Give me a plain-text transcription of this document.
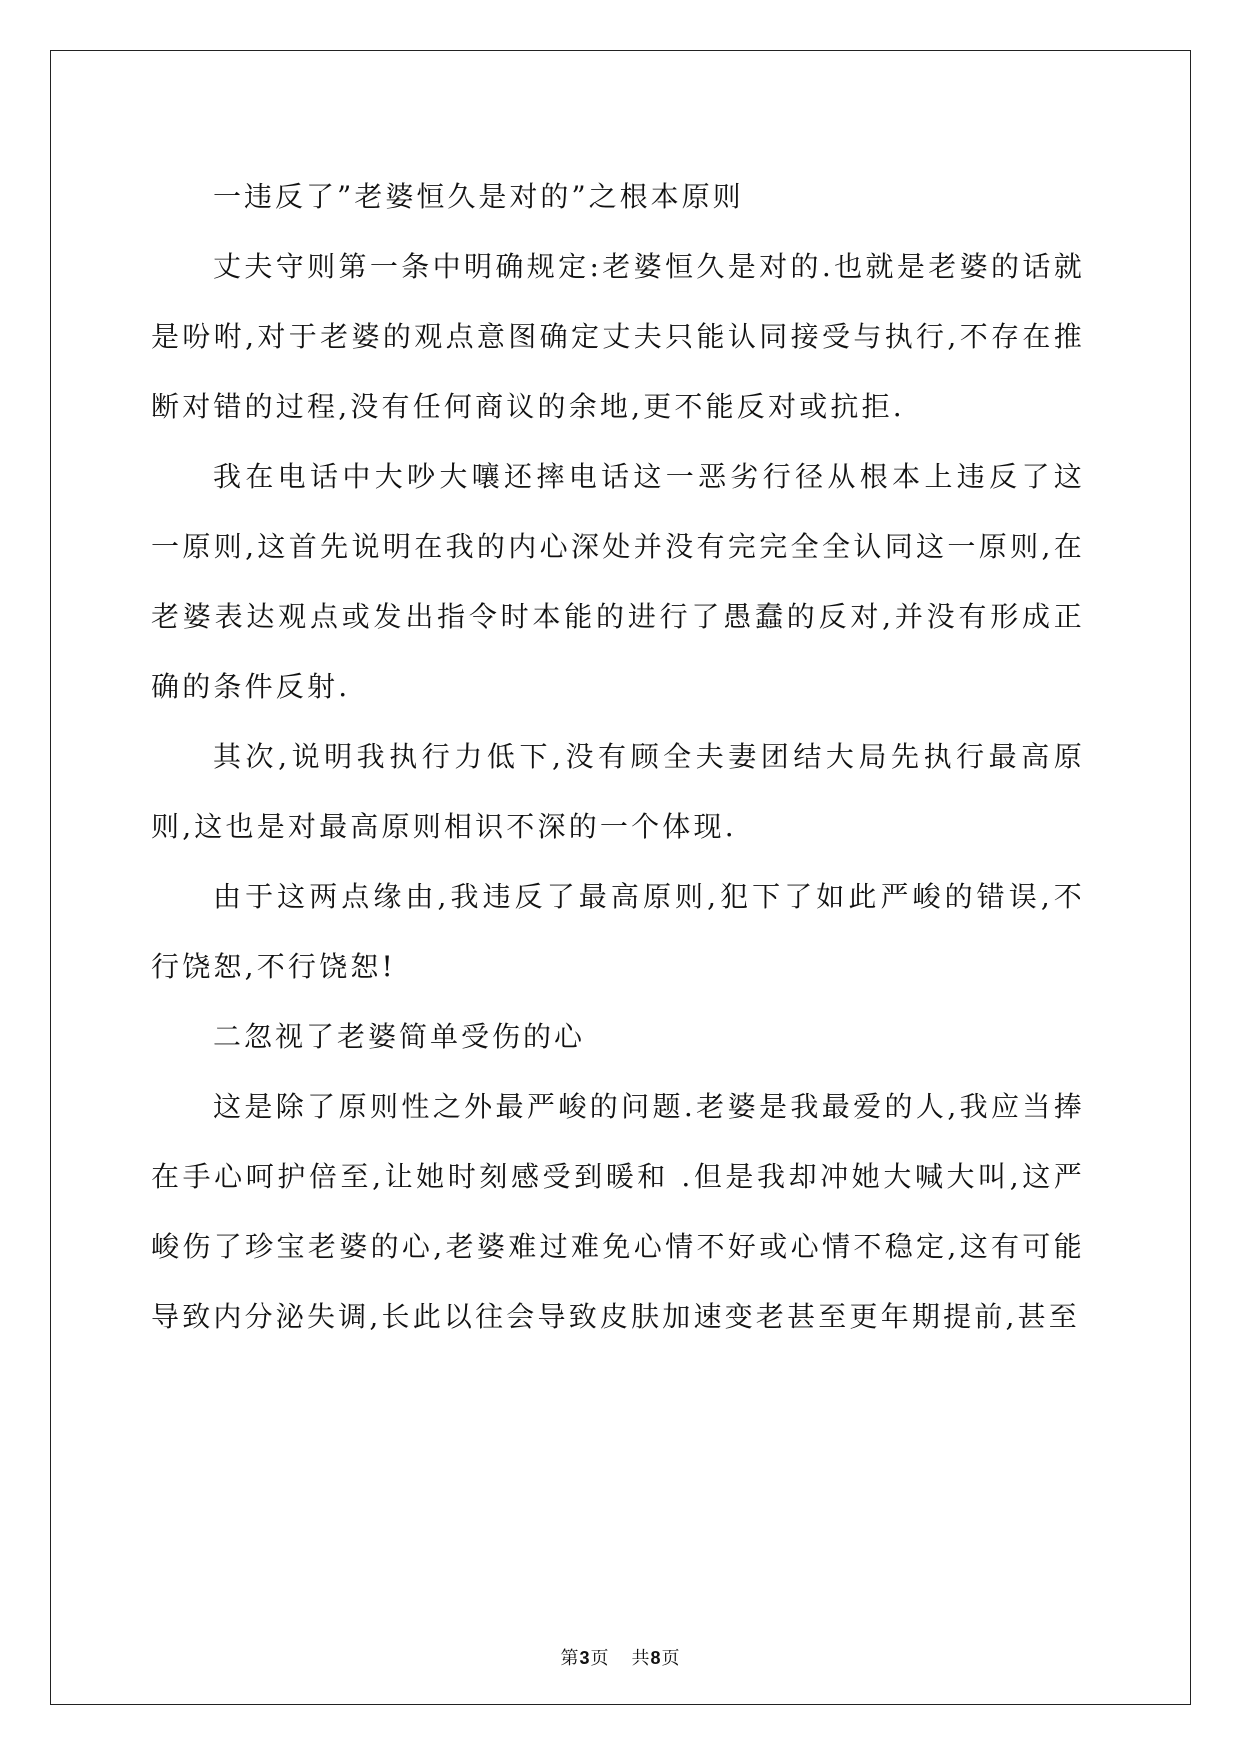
一违反了”老婆恒久是对的”之根本原则

丈夫守则第一条中明确规定:老婆恒久是对的.也就是老婆的话就是吩咐,对于老婆的观点意图确定丈夫只能认同接受与执行,不存在推断对错的过程,没有任何商议的余地,更不能反对或抗拒.

我在电话中大吵大嚷还摔电话这一恶劣行径从根本上违反了这一原则,这首先说明在我的内心深处并没有完完全全认同这一原则,在老婆表达观点或发出指令时本能的进行了愚蠢的反对,并没有形成正确的条件反射.

其次,说明我执行力低下,没有顾全夫妻团结大局先执行最高原则,这也是对最高原则相识不深的一个体现.

由于这两点缘由,我违反了最高原则,犯下了如此严峻的错误,不行饶恕,不行饶恕!

二忽视了老婆简单受伤的心

这是除了原则性之外最严峻的问题.老婆是我最爱的人,我应当捧在手心呵护倍至,让她时刻感受到暖和 .但是我却冲她大喊大叫,这严峻伤了珍宝老婆的心,老婆难过难免心情不好或心情不稳定,这有可能导致内分泌失调,长此以往会导致皮肤加速变老甚至更年期提前,甚至

第3页 共8页
